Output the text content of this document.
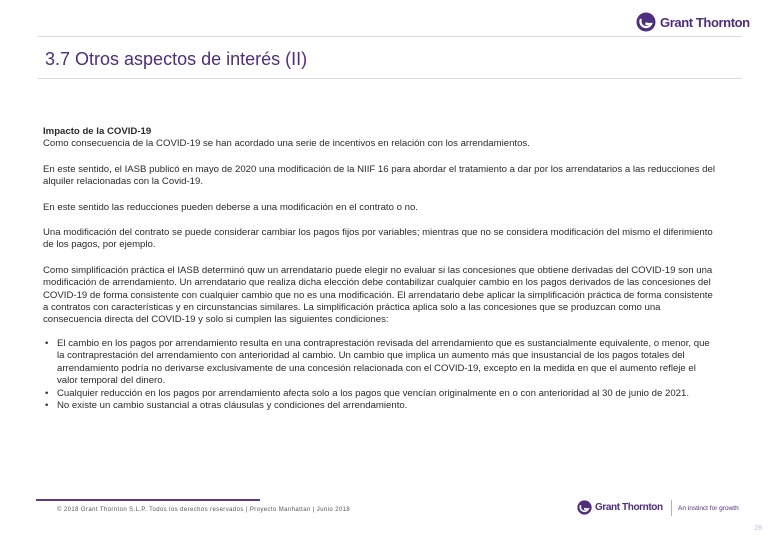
Grant Thornton
3.7 Otros aspectos de interés (II)

Impacto de la COVID-19
Como consecuencia de la COVID-19 se han acordado una serie de incentivos en relación con los arrendamientos.

En este sentido, el IASB publicó en mayo de 2020 una modificación de la NIIF 16 para abordar el tratamiento a dar por los arrendatarios a las reducciones del alquiler relacionadas con la Covid-19.

En este sentido las reducciones pueden deberse a una modificación en el contrato o no.

Una modificación del contrato se puede considerar cambiar los pagos fijos por variables; mientras que no se considera modificación del mismo el diferimiento de los pagos, por ejemplo.

Como simplificación práctica el IASB determinó quw un arrendatario puede elegir no evaluar si las concesiones que obtiene derivadas del COVID-19 son una modificación de arrendamiento. Un arrendatario que realiza dicha elección debe contabilizar cualquier cambio en los pagos derivados de las concesiones del COVID-19 de forma consistente con cualquier cambio que no es una modificación. El arrendatario debe aplicar la simplificación práctica de forma consistente a contratos con características y en circunstancias similares. La simplificación práctica aplica solo a las concesiones que se produzcan como una consecuencia directa del COVID-19 y solo si cumplen las siguientes condiciones:

• El cambio en los pagos por arrendamiento resulta en una contraprestación revisada del arrendamiento que es sustancialmente equivalente, o menor, que la contraprestación del arrendamiento con anterioridad al cambio. Un cambio que implica un aumento más que insustancial de los pagos totales del arrendamiento podría no derivarse exclusivamente de una concesión relacionada con el COVID-19, excepto en la medida en que el aumento refleje el valor temporal del dinero.
• Cualquier reducción en los pagos por arrendamiento afecta solo a los pagos que vencían originalmente en o con anterioridad al 30 de junio de 2021.
• No existe un cambio sustancial a otras cláusulas y condiciones del arrendamiento.
© 2018 Grant Thornton S.L.P. Todos los derechos reservados | Proyecto Manhattan | Junio 2018	Grant Thornton An instinct for growth
28
